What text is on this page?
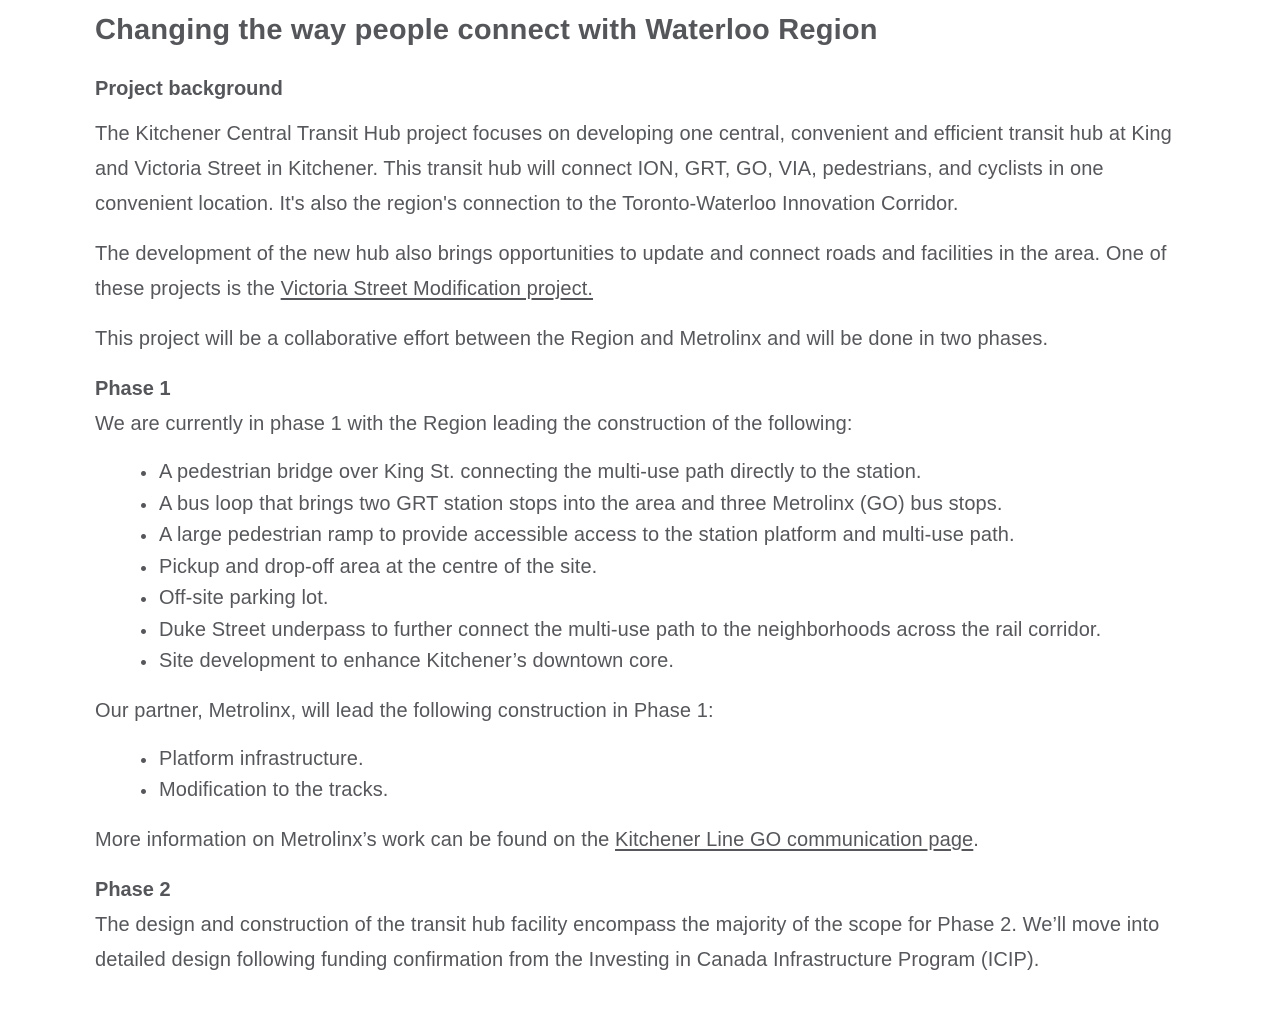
Changing the way people connect with Waterloo Region
Project background

The Kitchener Central Transit Hub project focuses on developing one central, convenient and efficient transit hub at King and Victoria Street in Kitchener. This transit hub will connect ION, GRT, GO, VIA, pedestrians, and cyclists in one convenient location. It's also the region's connection to the Toronto-Waterloo Innovation Corridor.

The development of the new hub also brings opportunities to update and connect roads and facilities in the area. One of these projects is the Victoria Street Modification project.

This project will be a collaborative effort between the Region and Metrolinx and will be done in two phases.

Phase 1

We are currently in phase 1 with the Region leading the construction of the following:

• A pedestrian bridge over King St. connecting the multi-use path directly to the station.
• A bus loop that brings two GRT station stops into the area and three Metrolinx (GO) bus stops.
• A large pedestrian ramp to provide accessible access to the station platform and multi-use path.
• Pickup and drop-off area at the centre of the site.
• Off-site parking lot.
• Duke Street underpass to further connect the multi-use path to the neighborhoods across the rail corridor.
• Site development to enhance Kitchener’s downtown core.

Our partner, Metrolinx, will lead the following construction in Phase 1:

• Platform infrastructure.
• Modification to the tracks.

More information on Metrolinx’s work can be found on the Kitchener Line GO communication page.

Phase 2

The design and construction of the transit hub facility encompass the majority of the scope for Phase 2. We’ll move into detailed design following funding confirmation from the Investing in Canada Infrastructure Program (ICIP).
